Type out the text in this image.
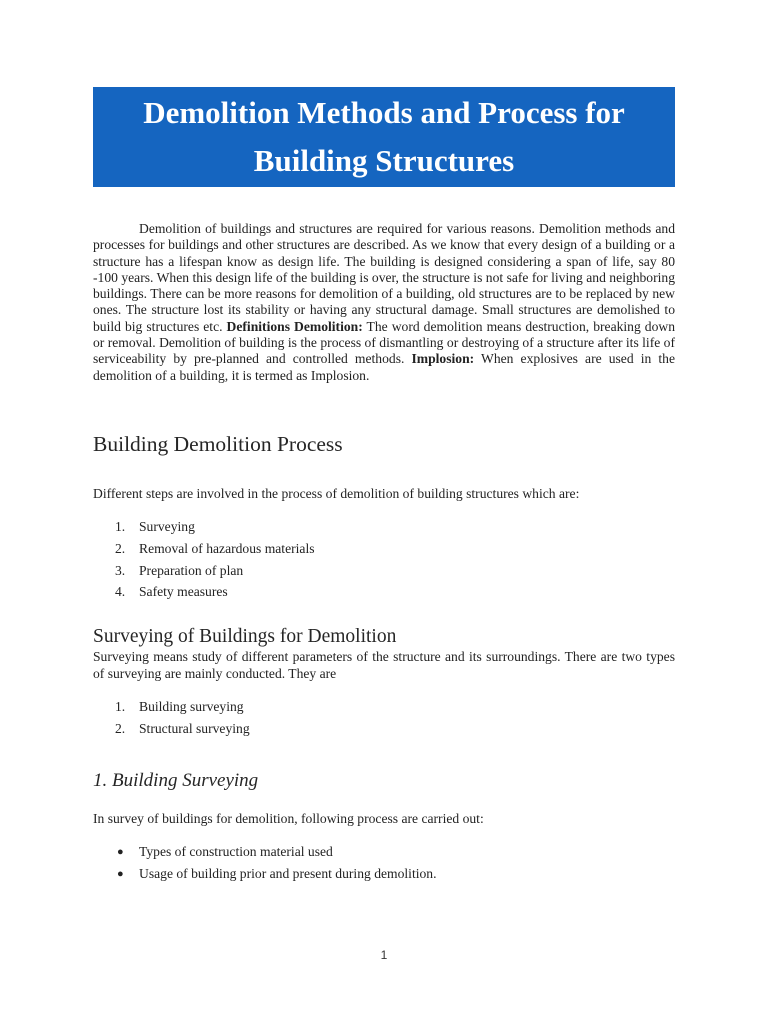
Demolition Methods and Process for
Building Structures

Demolition of buildings and structures are required for various reasons. Demolition methods and processes for buildings and other structures are described. As we know that every design of a building or a structure has a lifespan know as design life. The building is designed considering a span of life, say 80 -100 years. When this design life of the building is over, the structure is not safe for living and neighboring buildings. There can be more reasons for demolition of a building, old structures are to be replaced by new ones. The structure lost its stability or having any structural damage. Small structures are demolished to build big structures etc. Definitions Demolition: The word demolition means destruction, breaking down or removal. Demolition of building is the process of dismantling or destroying of a structure after its life of serviceability by pre-planned and controlled methods. Implosion: When explosives are used in the demolition of a building, it is termed as Implosion.

Building Demolition Process

Different steps are involved in the process of demolition of building structures which are:

1.	Surveying
2.	Removal of hazardous materials
3.	Preparation of plan
4.	Safety measures
Surveying of Buildings for Demolition

Surveying means study of different parameters of the structure and its surroundings. There are two types of surveying are mainly conducted. They are

1.	Building surveying
2.	Structural surveying
1. Building Surveying

In survey of buildings for demolition, following process are carried out:

●	Types of construction material used
●	Usage of building prior and present during demolition.
1
